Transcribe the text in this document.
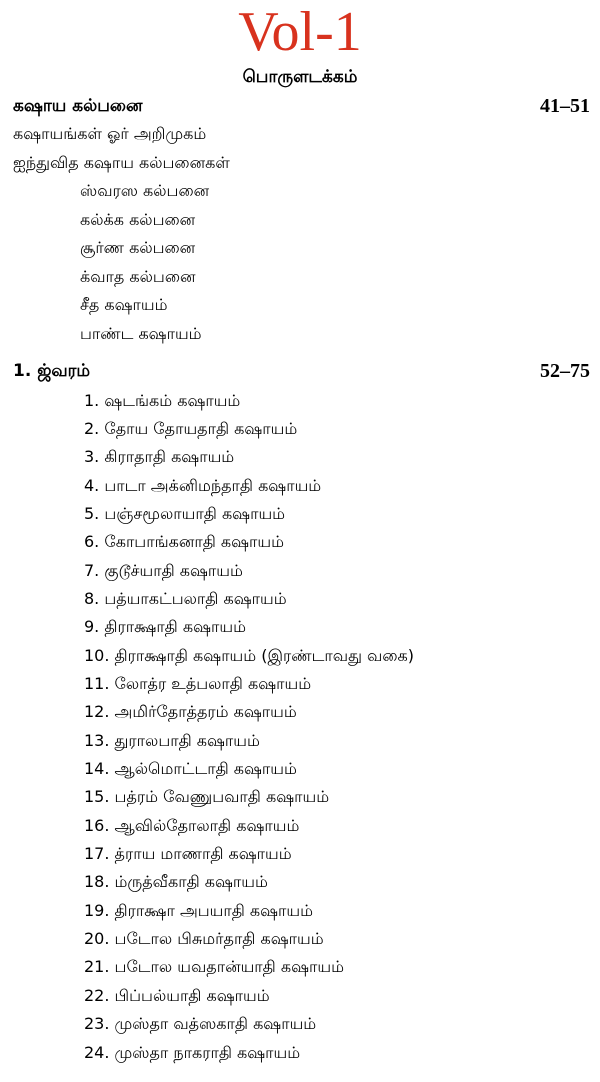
Vol-1
பொருளடக்கம்
கஷாய கல்பனை	41–51
கஷாயங்கள் ஓர் அறிமுகம்
ஐந்துவித கஷாய கல்பனைகள்
ஸ்வரஸ கல்பனை
கல்க்க கல்பனை
சூர்ண கல்பனை
க்வாத கல்பனை
சீத கஷாயம்
பாண்ட கஷாயம்
1. ஜ்வரம்	52–75
1. ஷடங்கம் கஷாயம்
2. தோய தோயதாதி கஷாயம்
3. கிராதாதி கஷாயம்
4. பாடா அக்னிமந்தாதி கஷாயம்
5. பஞ்சமூலாயாதி கஷாயம்
6. கோபாங்கனாதி கஷாயம்
7. குடூச்யாதி கஷாயம்
8. பத்யாகட்பலாதி கஷாயம்
9. திராக்ஷாதி கஷாயம்
10. திராக்ஷாதி கஷாயம் (இரண்டாவது வகை)
11. லோத்ர உத்பலாதி கஷாயம்
12. அமிர்தோத்தரம் கஷாயம்
13. துராலபாதி கஷாயம்
14. ஆல்மொட்டாதி கஷாயம்
15. பத்ரம் வேணுபவாதி கஷாயம்
16. ஆவில்தோலாதி கஷாயம்
17. த்ராய மாணாதி கஷாயம்
18. ம்ருத்வீகாதி கஷாயம்
19. திராக்ஷா அபயாதி கஷாயம்
20. படோல பிசுமர்தாதி கஷாயம்
21. படோல யவதான்யாதி கஷாயம்
22. பிப்பல்யாதி கஷாயம்
23. முஸ்தா வத்ஸகாதி கஷாயம்
24. முஸ்தா நாகராதி கஷாயம்
